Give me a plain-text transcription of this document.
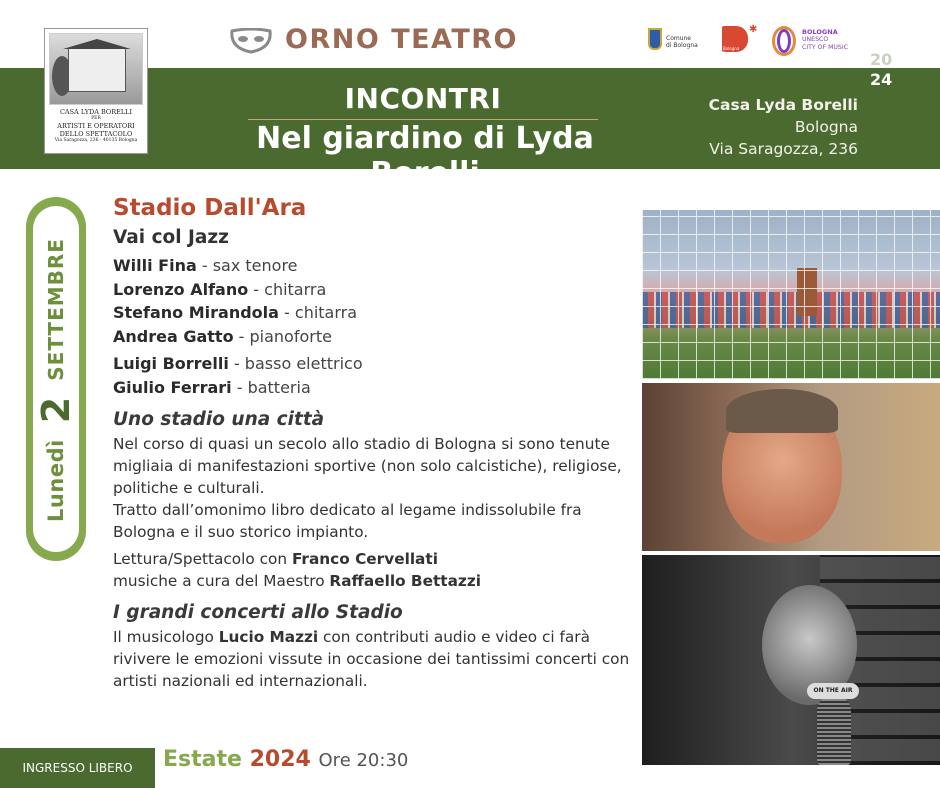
CASA LYDA BORELLI
PER
ARTISTI E OPERATORI
DELLO SPETTACOLO
Via Saragozza, 236 - 40135 Bologna
ORNO TEATRO	Comune
di Bologna	Bologna Estate
✱	BOLOGNA
UNESCO
CITY OF MUSIC
20
24
INCONTRI
Nel giardino di Lyda Borelli
Casa Lyda Borelli
Bologna
Via Saragozza, 236
Lunedì
2
SETTEMBRE
Stadio Dall'Ara
Vai col Jazz
Willi Fina - sax tenore
Lorenzo Alfano - chitarra
Stefano Mirandola - chitarra
Andrea Gatto - pianoforte
Luigi Borrelli - basso elettrico
Giulio Ferrari - batteria
Uno stadio una città
Nel corso di quasi un secolo allo stadio di Bologna si sono tenute migliaia di manifestazioni sportive (non solo calcistiche), religiose, politiche e culturali.
Tratto dall’omonimo libro dedicato al legame indissolubile fra Bologna e il suo storico impianto.
Lettura/Spettacolo con Franco Cervellati
musiche a cura del Maestro Raffaello Bettazzi
I grandi concerti allo Stadio
Il musicologo Lucio Mazzi con contributi audio e video ci farà rivivere le emozioni vissute in occasione dei tantissimi concerti con artisti nazionali ed internazionali.
ON THE AIR
INGRESSO LIBERO	Estate 2024 Ore 20:30
